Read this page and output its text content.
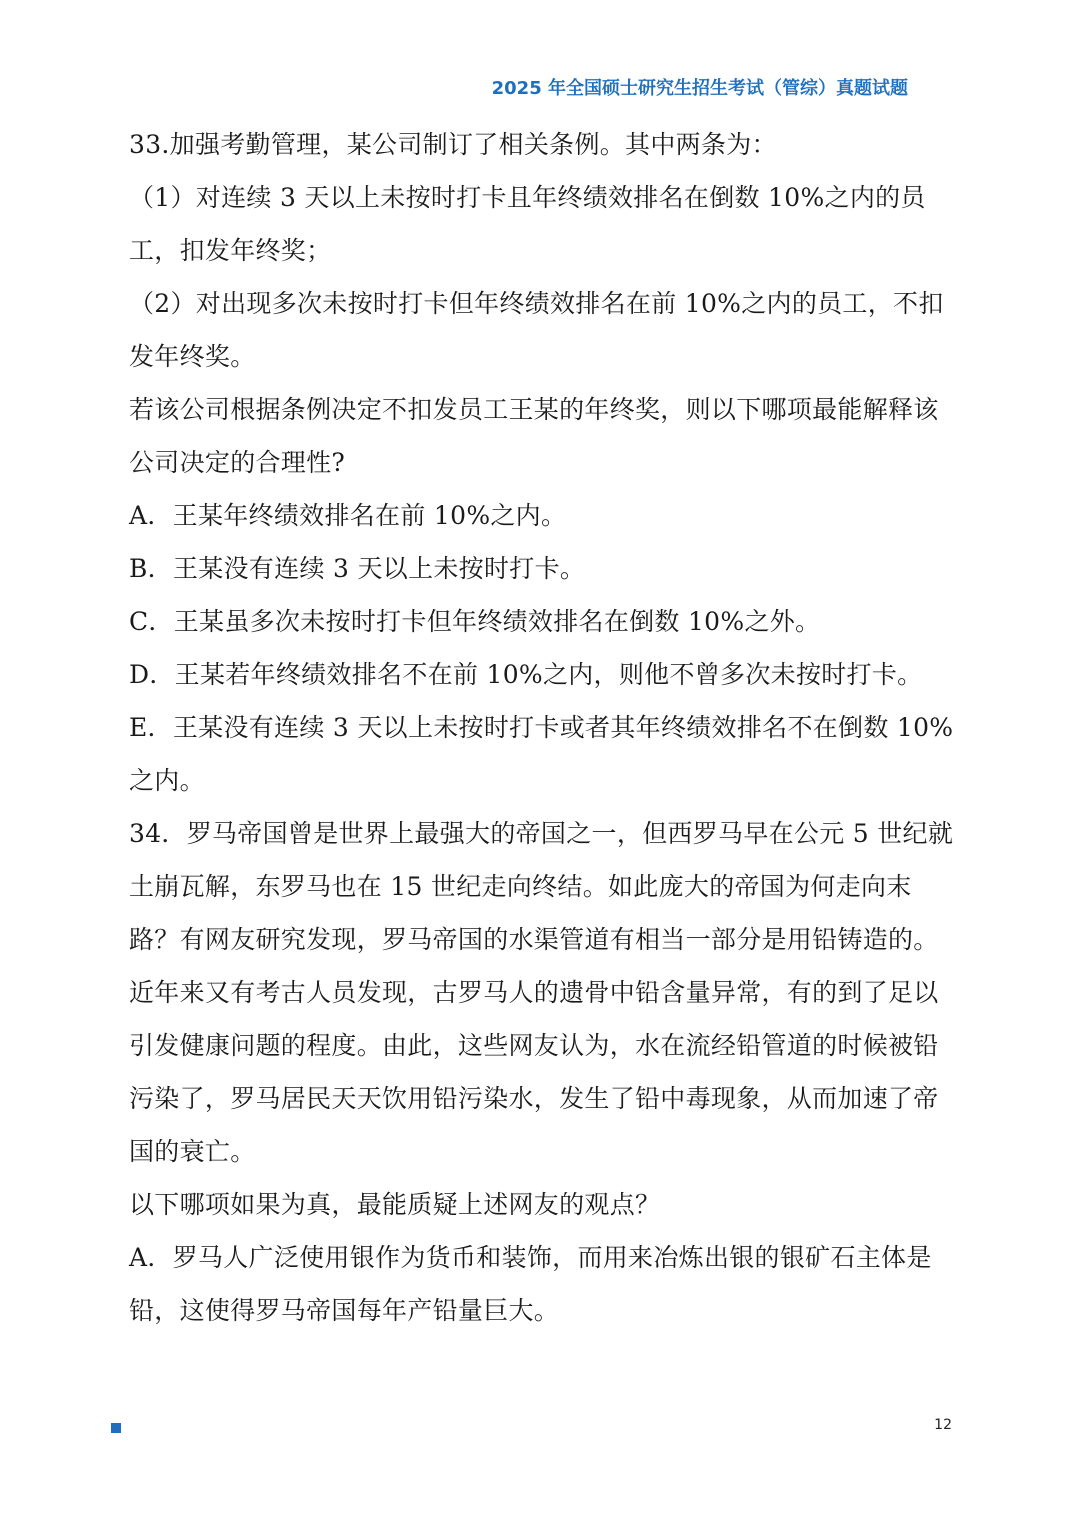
2025 年全国硕士研究生招生考试（管综）真题试题

33.加强考勤管理，某公司制订了相关条例。其中两条为：

（1）对连续 3 天以上未按时打卡且年终绩效排名在倒数 10%之内的员工，扣发年终奖；

（2）对出现多次未按时打卡但年终绩效排名在前 10%之内的员工，不扣发年终奖。

若该公司根据条例决定不扣发员工王某的年终奖，则以下哪项最能解释该公司决定的合理性?

A．王某年终绩效排名在前 10%之内。

B．王某没有连续 3 天以上未按时打卡。

C．王某虽多次未按时打卡但年终绩效排名在倒数 10%之外。

D．王某若年终绩效排名不在前 10%之内，则他不曾多次未按时打卡。

E．王某没有连续 3 天以上未按时打卡或者其年终绩效排名不在倒数 10%之内。

34．罗马帝国曾是世界上最强大的帝国之一，但西罗马早在公元 5 世纪就土崩瓦解，东罗马也在 15 世纪走向终结。如此庞大的帝国为何走向末路？有网友研究发现，罗马帝国的水渠管道有相当一部分是用铅铸造的。近年来又有考古人员发现，古罗马人的遗骨中铅含量异常，有的到了足以引发健康问题的程度。由此，这些网友认为，水在流经铅管道的时候被铅污染了，罗马居民天天饮用铅污染水，发生了铅中毒现象，从而加速了帝国的衰亡。

以下哪项如果为真，最能质疑上述网友的观点？

A．罗马人广泛使用银作为货币和装饰，而用来冶炼出银的银矿石主体是铅，这使得罗马帝国每年产铅量巨大。

12
